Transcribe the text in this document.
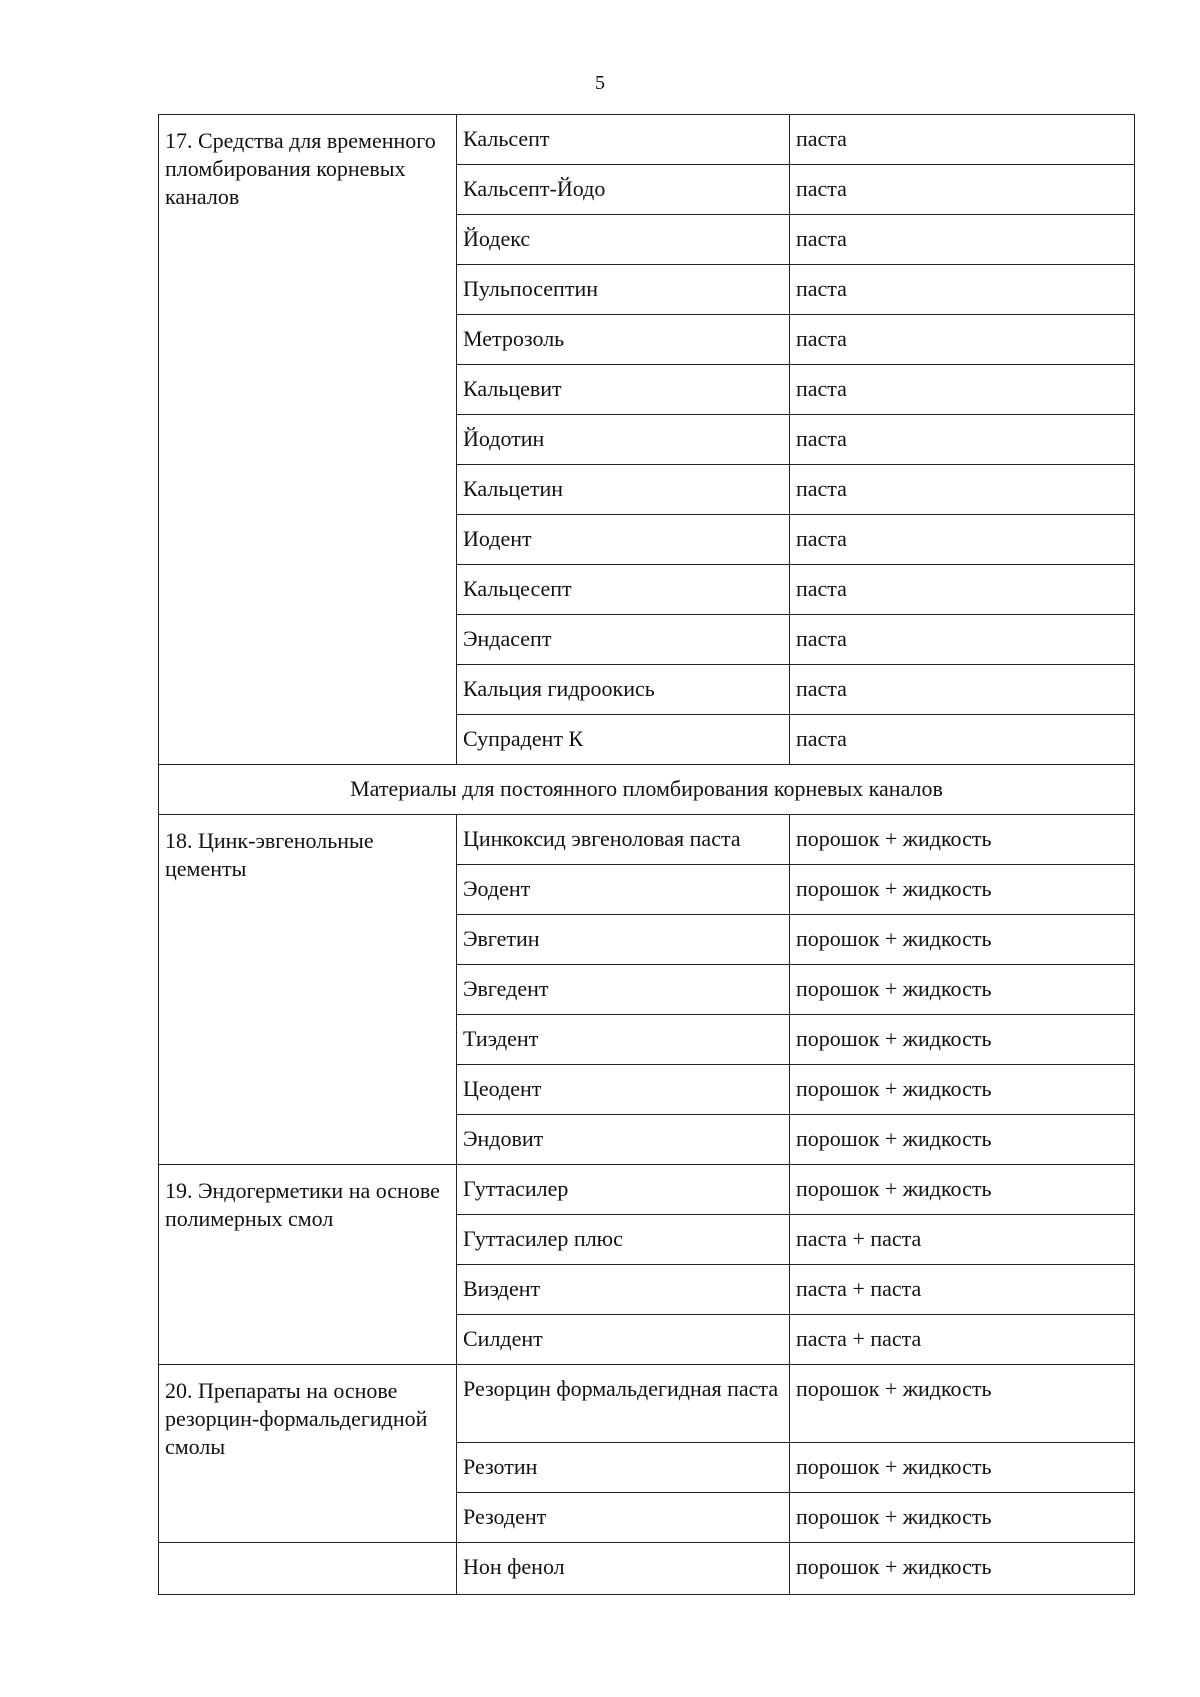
5
17. Средства для временного пломбирования корневых каналов	Кальсепт	паста
	Кальсепт-Йодо	паста
	Йодекс	паста
	Пульпосептин	паста
	Метрозоль	паста
	Кальцевит	паста
	Йодотин	паста
	Кальцетин	паста
	Иодент	паста
	Кальцесепт	паста
	Эндасепт	паста
	Кальция гидроокись	паста
	Супрадент К	паста
Материалы для постоянного пломбирования корневых каналов		
18. Цинк-эвгенольные цементы	Цинкоксид эвгеноловая паста	порошок + жидкость
	Эодент	порошок + жидкость
	Эвгетин	порошок + жидкость
	Эвгедент	порошок + жидкость
	Тиэдент	порошок + жидкость
	Цеодент	порошок + жидкость
	Эндовит	порошок + жидкость
19. Эндогерметики на основе полимерных смол	Гуттасилер	порошок + жидкость
	Гуттасилер плюс	паста + паста
	Виэдент	паста + паста
	Силдент	паста + паста
20. Препараты на основе резорцин-формальдегидной смолы	Резорцин формальдегидная паста	порошок + жидкость
	Резотин	порошок + жидкость
	Резодент	порошок + жидкость
	Нон фенол	порошок + жидкость
